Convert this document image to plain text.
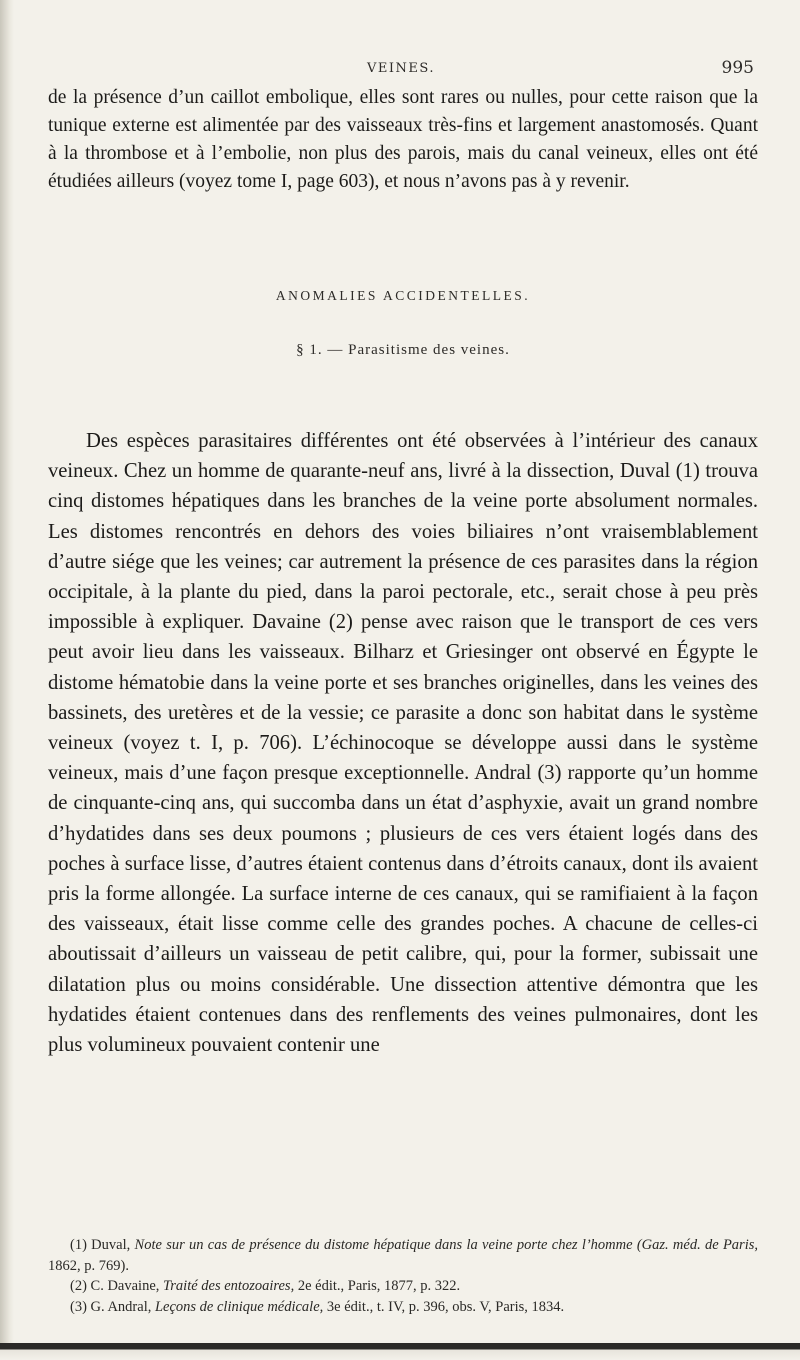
VEINES.	995

de la présence d’un caillot embolique, elles sont rares ou nulles, pour cette raison que la tunique externe est alimentée par des vaisseaux très-fins et largement anastomosés. Quant à la thrombose et à l’embolie, non plus des parois, mais du canal veineux, elles ont été étudiées ailleurs (voyez tome I, page 603), et nous n’avons pas à y revenir.

ANOMALIES ACCIDENTELLES.
§ 1. — Parasitisme des veines.

Des espèces parasitaires différentes ont été observées à l’intérieur des canaux veineux. Chez un homme de quarante-neuf ans, livré à la dissection, Duval (1) trouva cinq distomes hépatiques dans les branches de la veine porte absolument normales. Les distomes rencontrés en dehors des voies biliaires n’ont vraisemblablement d’autre siége que les veines; car autrement la présence de ces parasites dans la région occipitale, à la plante du pied, dans la paroi pectorale, etc., serait chose à peu près impossible à expliquer. Davaine (2) pense avec raison que le transport de ces vers peut avoir lieu dans les vaisseaux. Bilharz et Griesinger ont observé en Égypte le distome hématobie dans la veine porte et ses branches originelles, dans les veines des bassinets, des uretères et de la vessie; ce parasite a donc son habitat dans le système veineux (voyez t. I, p. 706). L’échinocoque se développe aussi dans le système veineux, mais d’une façon presque exceptionnelle. Andral (3) rapporte qu’un homme de cinquante-cinq ans, qui succomba dans un état d’asphyxie, avait un grand nombre d’hydatides dans ses deux poumons ; plusieurs de ces vers étaient logés dans des poches à surface lisse, d’autres étaient contenus dans d’étroits canaux, dont ils avaient pris la forme allongée. La surface interne de ces canaux, qui se ramifiaient à la façon des vaisseaux, était lisse comme celle des grandes poches. A chacune de celles-ci aboutissait d’ailleurs un vaisseau de petit calibre, qui, pour la former, subissait une dilatation plus ou moins considérable. Une dissection attentive démontra que les hydatides étaient contenues dans des renflements des veines pulmonaires, dont les plus volumineux pouvaient contenir une

(1) Duval, Note sur un cas de présence du distome hépatique dans la veine porte chez l’homme (Gaz. méd. de Paris, 1862, p. 769).

(2) C. Davaine, Traité des entozoaires, 2e édit., Paris, 1877, p. 322.

(3) G. Andral, Leçons de clinique médicale, 3e édit., t. IV, p. 396, obs. V, Paris, 1834.
